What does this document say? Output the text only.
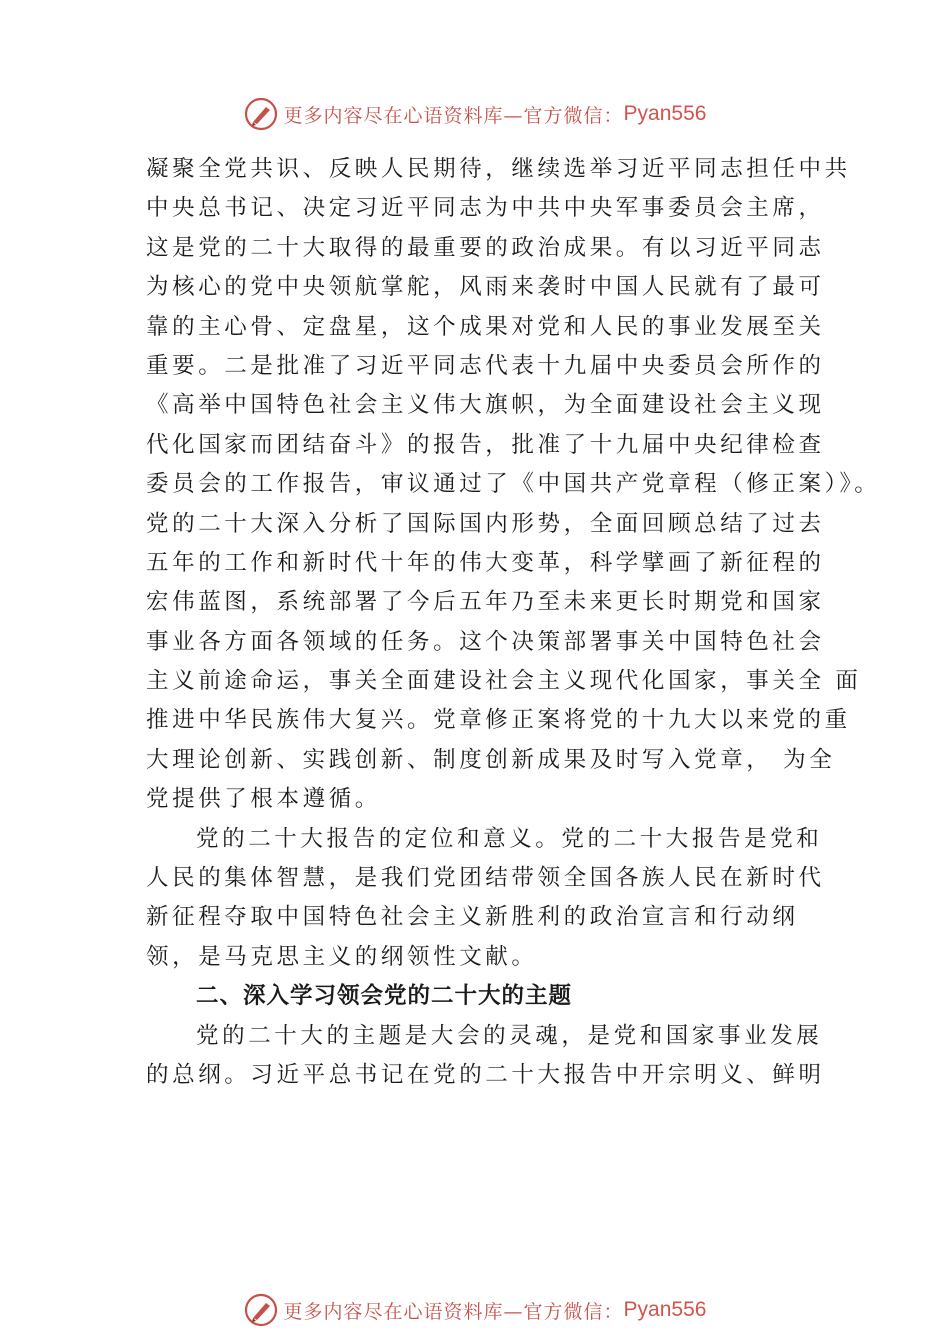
更多内容尽在心语资料库—官方微信： Pyan556
凝聚全党共识、反映人民期待，继续选举习近平同志担任中共
中央总书记、决定习近平同志为中共中央军事委员会主席，
这是党的二十大取得的最重要的政治成果。有以习近平同志
为核心的党中央领航掌舵，风雨来袭时中国人民就有了最可
靠的主心骨、定盘星，这个成果对党和人民的事业发展至关
重要。二是批准了习近平同志代表十九届中央委员会所作的
《高举中国特色社会主义伟大旗帜，为全面建设社会主义现
代化国家而团结奋斗》的报告，批准了十九届中央纪律检查
委员会的工作报告，审议通过了《中国共产党章程（修正案）》。
党的二十大深入分析了国际国内形势，全面回顾总结了过去
五年的工作和新时代十年的伟大变革，科学擘画了新征程的
宏伟蓝图，系统部署了今后五年乃至未来更长时期党和国家
事业各方面各领域的任务。这个决策部署事关中国特色社会
主义前途命运，事关全面建设社会主义现代化国家，事关全 面
推进中华民族伟大复兴。党章修正案将党的十九大以来党的重
大理论创新、实践创新、制度创新成果及时写入党章， 为全
党提供了根本遵循。
党的二十大报告的定位和意义。党的二十大报告是党和
人民的集体智慧，是我们党团结带领全国各族人民在新时代
新征程夺取中国特色社会主义新胜利的政治宣言和行动纲
领，是马克思主义的纲领性文献。
二、深入学习领会党的二十大的主题
党的二十大的主题是大会的灵魂，是党和国家事业发展
的总纲。习近平总书记在党的二十大报告中开宗明义、鲜明
更多内容尽在心语资料库—官方微信： Pyan556
